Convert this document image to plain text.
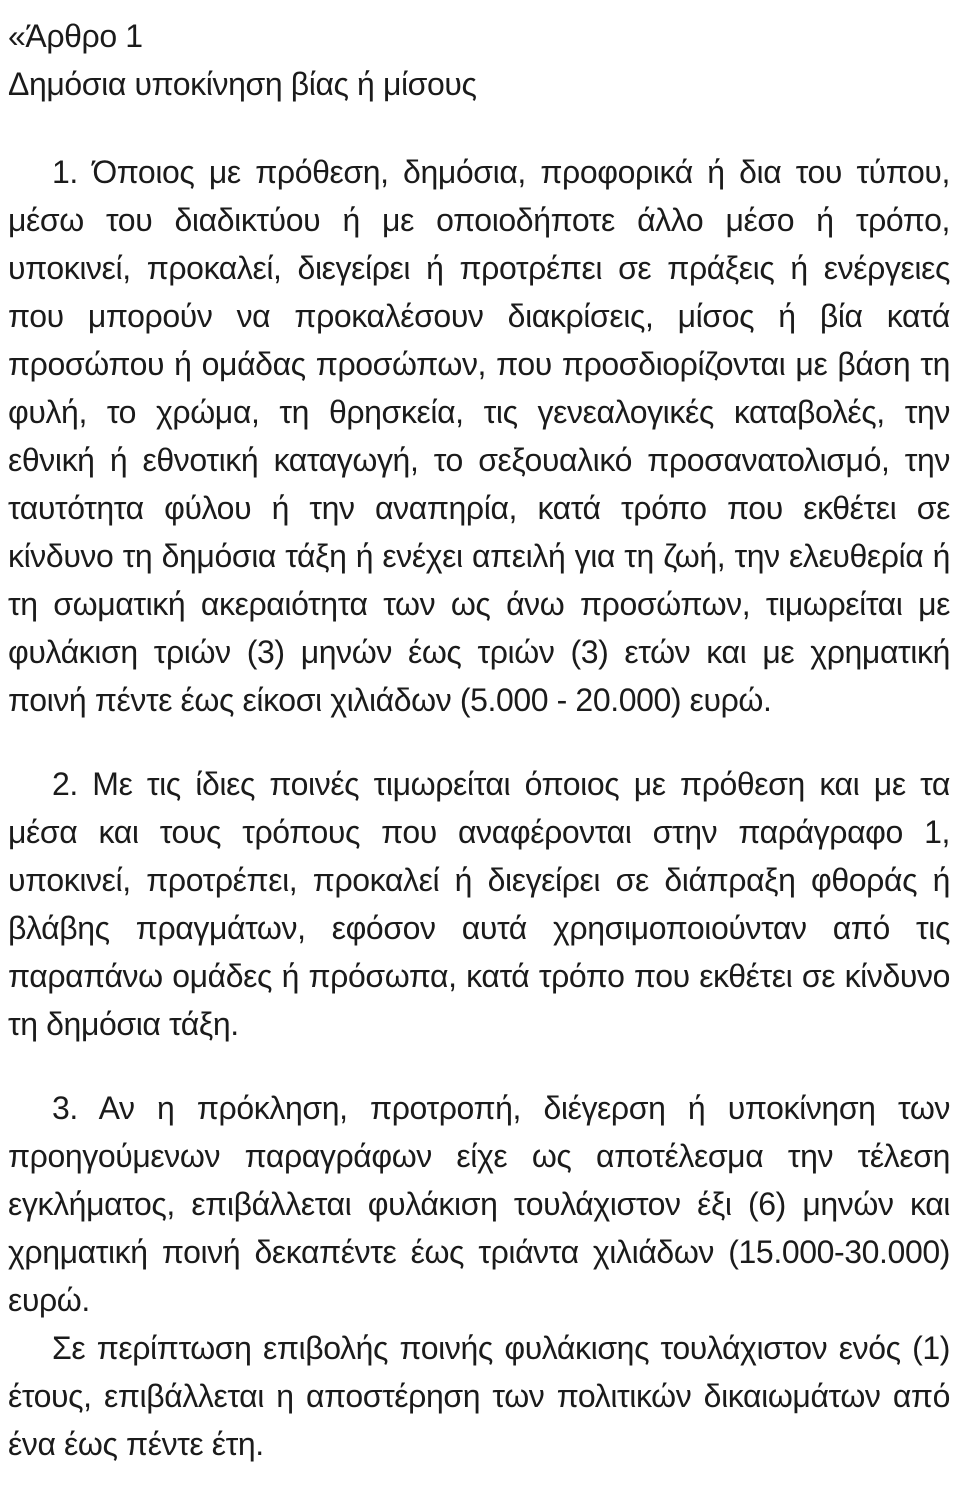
«Άρθρο 1
Δημόσια υποκίνηση βίας ή μίσους

1. Όποιος με πρόθεση, δημόσια, προφορικά ή δια του τύπου, μέσω του διαδικτύου ή με οποιοδήποτε άλλο μέσο ή τρόπο, υποκινεί, προκαλεί, διεγείρει ή προτρέπει σε πράξεις ή ενέργειες που μπορούν να προκαλέσουν διακρίσεις, μίσος ή βία κατά προσώπου ή ομάδας προσώπων, που προσδιορίζονται με βάση τη φυλή, το χρώμα, τη θρησκεία, τις γενεαλογικές καταβολές, την εθνική ή εθνοτική καταγωγή, το σεξουαλικό προσανατολισμό, την ταυτότητα φύλου ή την αναπηρία, κατά τρόπο που εκθέτει σε κίνδυνο τη δημόσια τάξη ή ενέχει απειλή για τη ζωή, την ελευθερία ή τη σωματική ακεραιότητα των ως άνω προσώπων, τιμωρείται με φυλάκιση τριών (3) μηνών έως τριών (3) ετών και με χρηματική ποινή πέντε έως είκοσι χιλιάδων (5.000 - 20.000) ευρώ.

2. Με τις ίδιες ποινές τιμωρείται όποιος με πρόθεση και με τα μέσα και τους τρόπους που αναφέρονται στην παράγραφο 1, υποκινεί, προτρέπει, προκαλεί ή διεγείρει σε διάπραξη φθοράς ή βλάβης πραγμάτων, εφόσον αυτά χρησιμοποιούνταν από τις παραπάνω ομάδες ή πρόσωπα, κατά τρόπο που εκθέτει σε κίνδυνο τη δημόσια τάξη.

3. Αν η πρόκληση, προτροπή, διέγερση ή υποκίνηση των προηγούμενων παραγράφων είχε ως αποτέλεσμα την τέλεση εγκλήματος, επιβάλλεται φυλάκιση τουλάχιστον έξι (6) μηνών και χρηματική ποινή δεκαπέντε έως τριάντα χιλιάδων (15.000-30.000) ευρώ.

Σε περίπτωση επιβολής ποινής φυλάκισης τουλάχιστον ενός (1) έτους, επιβάλλεται η αποστέρηση των πολιτικών δικαιωμάτων από ένα έως πέντε έτη.
